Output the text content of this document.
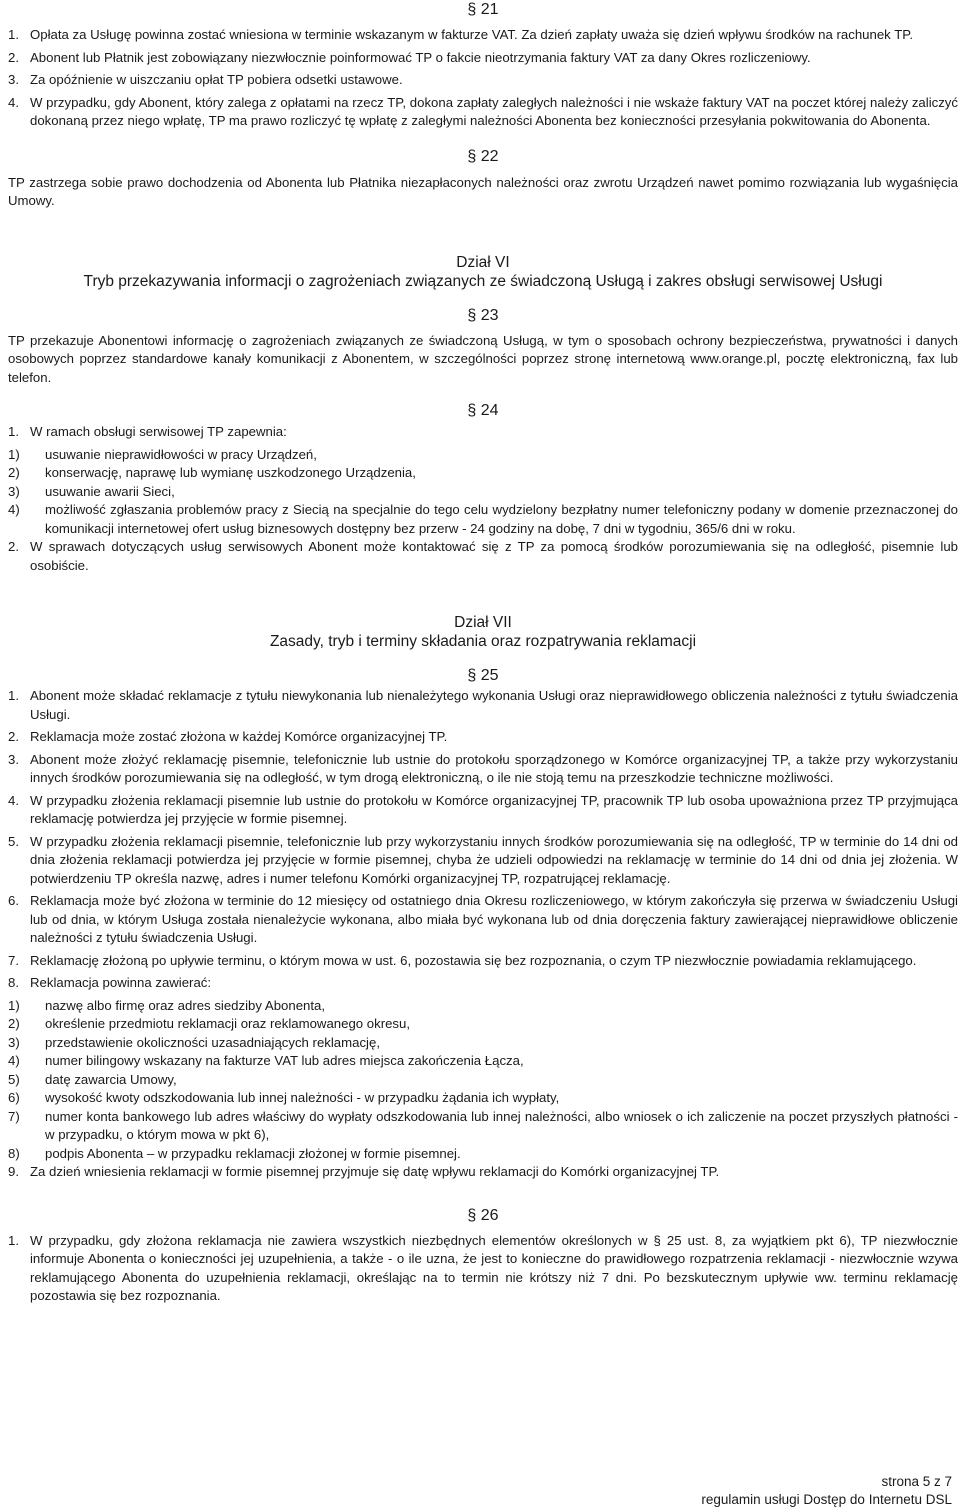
§ 21
1. Opłata za Usługę powinna zostać wniesiona w terminie wskazanym w fakturze VAT. Za dzień zapłaty uważa się dzień wpływu środków na rachunek TP.
2. Abonent lub Płatnik jest zobowiązany niezwłocznie poinformować TP o fakcie nieotrzymania faktury VAT za dany Okres rozliczeniowy.
3. Za opóźnienie w uiszczaniu opłat TP pobiera odsetki ustawowe.
4. W przypadku, gdy Abonent, który zalega z opłatami na rzecz TP, dokona zapłaty zaległych należności i nie wskaże faktury VAT na poczet której należy zaliczyć dokonaną przez niego wpłatę, TP ma prawo rozliczyć tę wpłatę z zaległymi należności Abonenta bez konieczności przesyłania pokwitowania do Abonenta.
§ 22

TP zastrzega sobie prawo dochodzenia od Abonenta lub Płatnika niezapłaconych należności oraz zwrotu Urządzeń nawet pomimo rozwiązania lub wygaśnięcia Umowy.

Dział VI
Tryb przekazywania informacji o zagrożeniach związanych ze świadczoną Usługą i zakres obsługi serwisowej Usługi
§ 23

TP przekazuje Abonentowi informację o zagrożeniach związanych ze świadczoną Usługą, w tym o sposobach ochrony bezpieczeństwa, prywatności i danych osobowych poprzez standardowe kanały komunikacji z Abonentem, w szczególności poprzez stronę internetową www.orange.pl, pocztę elektroniczną, fax lub telefon.

§ 24
1. W ramach obsługi serwisowej TP zapewnia:
1)	usuwanie nieprawidłowości w pracy Urządzeń,
2)	konserwację, naprawę lub wymianę uszkodzonego Urządzenia,
3)	usuwanie awarii Sieci,
4)	możliwość zgłaszania problemów pracy z Siecią na specjalnie do tego celu wydzielony bezpłatny numer telefoniczny podany w domenie przeznaczonej do komunikacji internetowej ofert usług biznesowych dostępny bez przerw - 24 godziny na dobę, 7 dni w tygodniu, 365/6 dni w roku.
2. W sprawach dotyczących usług serwisowych Abonent może kontaktować się z TP za pomocą środków porozumiewania się na odległość, pisemnie lub osobiście.
Dział VII
Zasady, tryb i terminy składania oraz rozpatrywania reklamacji
§ 25
1. Abonent może składać reklamacje z tytułu niewykonania lub nienależytego wykonania Usługi oraz nieprawidłowego obliczenia należności z tytułu świadczenia Usługi.
2. Reklamacja może zostać złożona w każdej Komórce organizacyjnej TP.
3. Abonent może złożyć reklamację pisemnie, telefonicznie lub ustnie do protokołu sporządzonego w Komórce organizacyjnej TP, a także przy wykorzystaniu innych środków porozumiewania się na odległość, w tym drogą elektroniczną, o ile nie stoją temu na przeszkodzie techniczne możliwości.
4. W przypadku złożenia reklamacji pisemnie lub ustnie do protokołu w Komórce organizacyjnej TP, pracownik TP lub osoba upoważniona przez TP przyjmująca reklamację potwierdza jej przyjęcie w formie pisemnej.
5. W przypadku złożenia reklamacji pisemnie, telefonicznie lub przy wykorzystaniu innych środków porozumiewania się na odległość, TP w terminie do 14 dni od dnia złożenia reklamacji potwierdza jej przyjęcie w formie pisemnej, chyba że udzieli odpowiedzi na reklamację w terminie do 14 dni od dnia jej złożenia. W potwierdzeniu TP określa nazwę, adres i numer telefonu Komórki organizacyjnej TP, rozpatrującej reklamację.
6. Reklamacja może być złożona w terminie do 12 miesięcy od ostatniego dnia Okresu rozliczeniowego, w którym zakończyła się przerwa w świadczeniu Usługi lub od dnia, w którym Usługa została nienależycie wykonana, albo miała być wykonana lub od dnia doręczenia faktury zawierającej nieprawidłowe obliczenie należności z tytułu świadczenia Usługi.
7. Reklamację złożoną po upływie terminu, o którym mowa w ust. 6, pozostawia się bez rozpoznania, o czym TP niezwłocznie powiadamia reklamującego.
8. Reklamacja powinna zawierać:
1)	nazwę albo firmę oraz adres siedziby Abonenta,
2)	określenie przedmiotu reklamacji oraz reklamowanego okresu,
3)	przedstawienie okoliczności uzasadniających reklamację,
4)	numer bilingowy wskazany na fakturze VAT lub adres miejsca zakończenia Łącza,
5)	datę zawarcia Umowy,
6)	wysokość kwoty odszkodowania lub innej należności - w przypadku żądania ich wypłaty,
7)	numer konta bankowego lub adres właściwy do wypłaty odszkodowania lub innej należności, albo wniosek o ich zaliczenie na poczet przyszłych płatności - w przypadku, o którym mowa w pkt 6),
8)	podpis Abonenta – w przypadku reklamacji złożonej w formie pisemnej.
9. Za dzień wniesienia reklamacji w formie pisemnej przyjmuje się datę wpływu reklamacji do Komórki organizacyjnej TP.
§ 26
1. W przypadku, gdy złożona reklamacja nie zawiera wszystkich niezbędnych elementów określonych w § 25 ust. 8, za wyjątkiem pkt 6), TP niezwłocznie informuje Abonenta o konieczności jej uzupełnienia, a także - o ile uzna, że jest to konieczne do prawidłowego rozpatrzenia reklamacji - niezwłocznie wzywa reklamującego Abonenta do uzupełnienia reklamacji, określając na to termin nie krótszy niż 7 dni. Po bezskutecznym upływie ww. terminu reklamację pozostawia się bez rozpoznania.
strona 5 z 7
regulamin usługi Dostęp do Internetu DSL
